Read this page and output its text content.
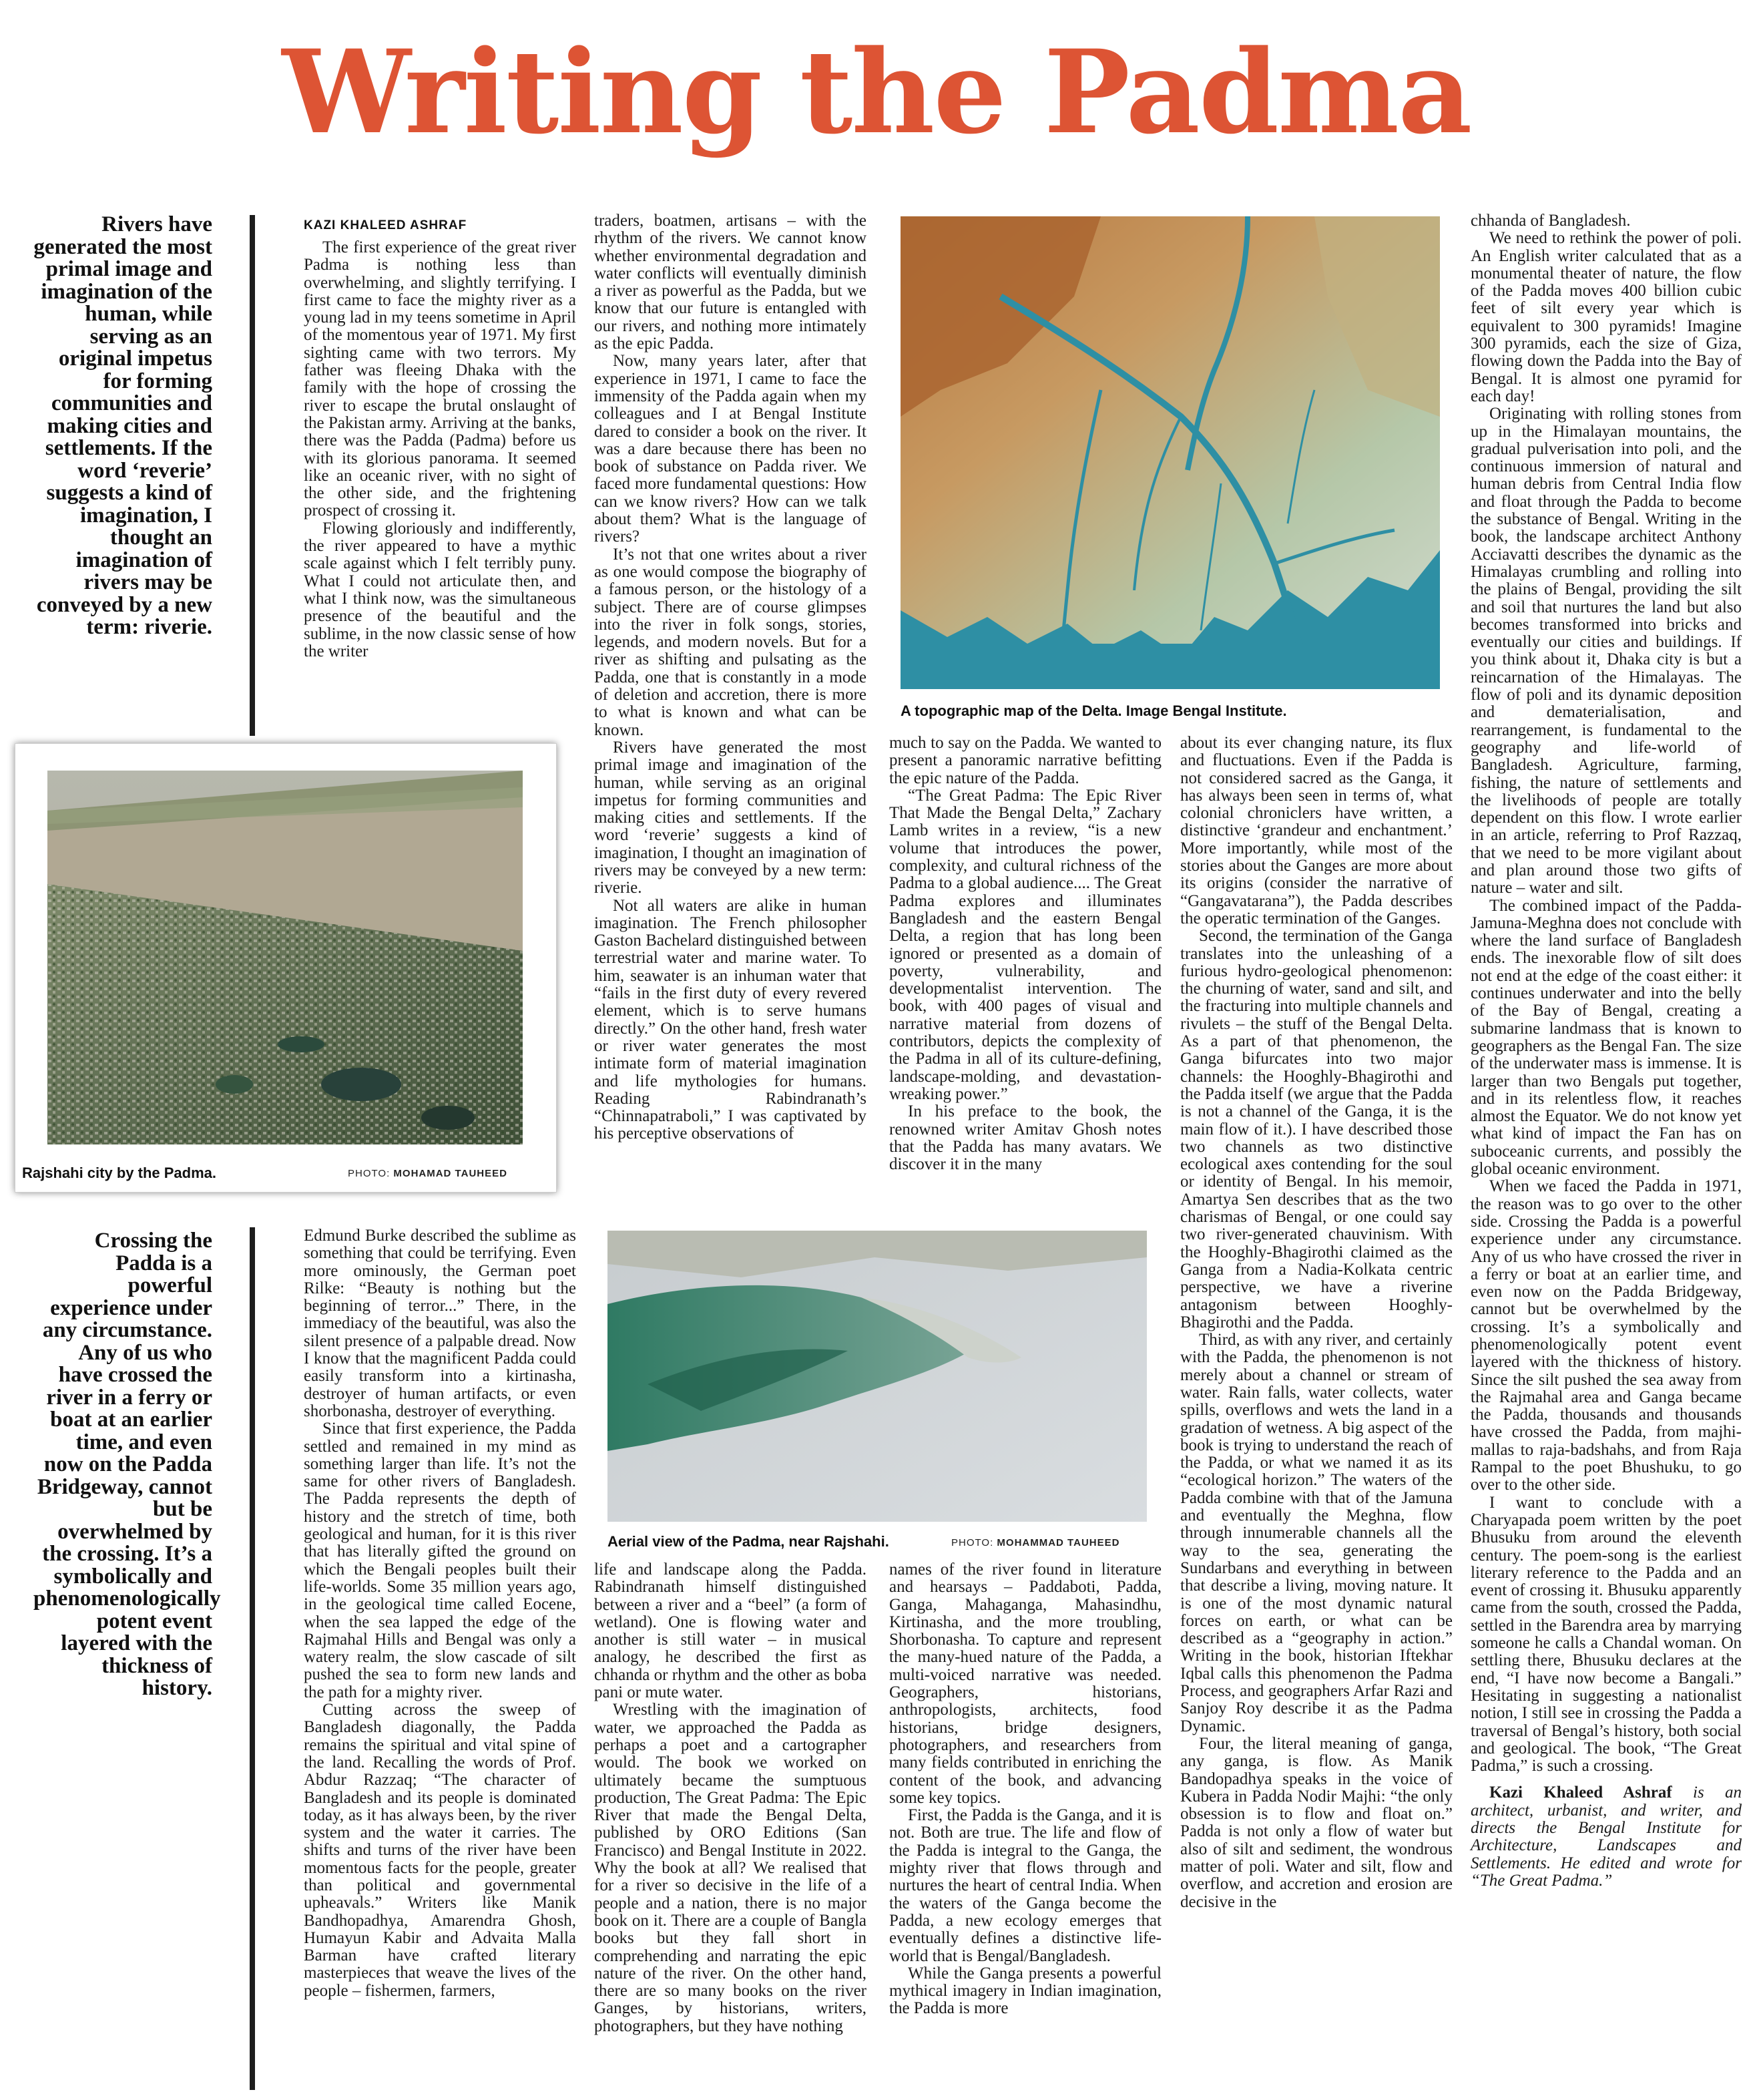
Writing the Padma
Rivers have generated the most primal image and imagination of the human, while serving as an original impetus for forming communities and making cities and settlements. If the word ‘reverie’ suggests a kind of imagination, I thought an imagination of rivers may be conveyed by a new term: riverie.
Crossing the Padda is a powerful experience under any circumstance. Any of us who have crossed the river in a ferry or boat at an earlier time, and even now on the Padda Bridgeway, cannot but be overwhelmed by the crossing. It’s a symbolically and phenomenologically potent event layered with the thickness of history.
KAZI KHALEED ASHRAF

The first experience of the great river Padma is nothing less than overwhelming, and slightly terrifying. I first came to face the mighty river as a young lad in my teens sometime in April of the momentous year of 1971. My first sighting came with two terrors. My father was fleeing Dhaka with the family with the hope of crossing the river to escape the brutal onslaught of the Pakistan army. Arriving at the banks, there was the Padda (Padma) before us with its glorious panorama. It seemed like an oceanic river, with no sight of the other side, and the frightening prospect of crossing it.

Flowing gloriously and indifferently, the river appeared to have a mythic scale against which I felt terribly puny. What I could not articulate then, and what I think now, was the simultaneous presence of the beautiful and the sublime, in the now classic sense of how the writer

traders, boatmen, artisans – with the rhythm of the rivers. We cannot know whether environmental degradation and water conflicts will eventually diminish a river as powerful as the Padda, but we know that our future is entangled with our rivers, and nothing more intimately as the epic Padda.

Now, many years later, after that experience in 1971, I came to face the immensity of the Padda again when my colleagues and I at Bengal Institute dared to consider a book on the river. It was a dare because there has been no book of substance on Padda river. We faced more fundamental questions: How can we know rivers? How can we talk about them? What is the language of rivers?

It’s not that one writes about a river as one would compose the biography of a famous person, or the histology of a subject. There are of course glimpses into the river in folk songs, stories, legends, and modern novels. But for a river as shifting and pulsating as the Padda, one that is constantly in a mode of deletion and accretion, there is more to what is known and what can be known.

Rivers have generated the most primal image and imagination of the human, while serving as an original impetus for forming communities and making cities and settlements. If the word ‘reverie’ suggests a kind of imagination, I thought an imagination of rivers may be conveyed by a new term: riverie.

Not all waters are alike in human imagination. The French philosopher Gaston Bachelard distinguished between terrestrial water and marine water. To him, seawater is an inhuman water that “fails in the first duty of every revered element, which is to serve humans directly.” On the other hand, fresh water or river water generates the most intimate form of material imagination and life mythologies for humans. Reading Rabindranath’s “Chinnapatraboli,” I was captivated by his perceptive observations of

Rajshahi city by the Padma.	PHOTO: MOHAMAD TAUHEED
A topographic map of the Delta. Image Bengal Institute.

chhanda of Bangladesh.

We need to rethink the power of poli. An English writer calculated that as a monumental theater of nature, the flow of the Padda moves 400 billion cubic feet of silt every year which is equivalent to 300 pyramids! Imagine 300 pyramids, each the size of Giza, flowing down the Padda into the Bay of Bengal. It is almost one pyramid for each day!

Originating with rolling stones from up in the Himalayan mountains, the gradual pulverisation into poli, and the continuous immersion of natural and human debris from Central India flow and float through the Padda to become the substance of Bengal. Writing in the book, the landscape architect Anthony Acciavatti describes the dynamic as the Himalayas crumbling and rolling into the plains of Bengal, providing the silt and soil that nurtures the land but also becomes transformed into bricks and eventually our cities and buildings. If you think about it, Dhaka city is but a reincarnation of the Himalayas. The flow of poli and its dynamic deposition and dematerialisation, and rearrangement, is fundamental to the geography and life-world of Bangladesh. Agriculture, farming, fishing, the nature of settlements and the livelihoods of people are totally dependent on this flow. I wrote earlier in an article, referring to Prof Razzaq, that we need to be more vigilant about and plan around those two gifts of nature – water and silt.

The combined impact of the Padda-Jamuna-Meghna does not conclude with where the land surface of Bangladesh ends. The inexorable flow of silt does not end at the edge of the coast either: it continues underwater and into the belly of the Bay of Bengal, creating a submarine landmass that is known to geographers as the Bengal Fan. The size of the underwater mass is immense. It is larger than two Bengals put together, and in its relentless flow, it reaches almost the Equator. We do not know yet what kind of impact the Fan has on suboceanic currents, and possibly the global oceanic environment.

When we faced the Padda in 1971, the reason was to go over to the other side. Crossing the Padda is a powerful experience under any circumstance. Any of us who have crossed the river in a ferry or boat at an earlier time, and even now on the Padda Bridgeway, cannot but be overwhelmed by the crossing. It’s a symbolically and phenomenologically potent event layered with the thickness of history. Since the silt pushed the sea away from the Rajmahal area and Ganga became the Padda, thousands and thousands have crossed the Padda, from majhi-mallas to raja-badshahs, and from Raja Rampal to the poet Bhushuku, to go over to the other side.

I want to conclude with a Charyapada poem written by the poet Bhusuku from around the eleventh century. The poem-song is the earliest literary reference to the Padda and an event of crossing it. Bhusuku apparently came from the south, crossed the Padda, settled in the Barendra area by marrying someone he calls a Chandal woman. On settling there, Bhusuku declares at the end, “I have now become a Bangali.” Hesitating in suggesting a nationalist notion, I still see in crossing the Padda a traversal of Bengal’s history, both social and geological. The book, “The Great Padma,” is such a crossing.

Kazi Khaleed Ashraf is an architect, urbanist, and writer, and directs the Bengal Institute for Architecture, Landscapes and Settlements. He edited and wrote for “The Great Padma.”

much to say on the Padda. We wanted to present a panoramic narrative befitting the epic nature of the Padda.

“The Great Padma: The Epic River That Made the Bengal Delta,” Zachary Lamb writes in a review, “is a new volume that introduces the power, complexity, and cultural richness of the Padma to a global audience.... The Great Padma explores and illuminates Bangladesh and the eastern Bengal Delta, a region that has long been ignored or presented as a domain of poverty, vulnerability, and developmentalist intervention. The book, with 400 pages of visual and narrative material from dozens of contributors, depicts the complexity of the Padma in all of its culture-defining, landscape-molding, and devastation-wreaking power.”

In his preface to the book, the renowned writer Amitav Ghosh notes that the Padda has many avatars. We discover it in the many

about its ever changing nature, its flux and fluctuations. Even if the Padda is not considered sacred as the Ganga, it has always been seen in terms of, what colonial chroniclers have written, a distinctive ‘grandeur and enchantment.’ More importantly, while most of the stories about the Ganges are more about its origins (consider the narrative of “Gangavatarana”), the Padda describes the operatic termination of the Ganges.

Second, the termination of the Ganga translates into the unleashing of a furious hydro-geological phenomenon: the churning of water, sand and silt, and the fracturing into multiple channels and rivulets – the stuff of the Bengal Delta. As a part of that phenomenon, the Ganga bifurcates into two major channels: the Hooghly-Bhagirothi and the Padda itself (we argue that the Padda is not a channel of the Ganga, it is the main flow of it.). I have described those two channels as two distinctive ecological axes contending for the soul or identity of Bengal. In his memoir, Amartya Sen describes that as the two charismas of Bengal, or one could say two river-generated chauvinism. With the Hooghly-Bhagirothi claimed as the Ganga from a Nadia-Kolkata centric perspective, we have a riverine antagonism between Hooghly-Bhagirothi and the Padda.

Third, as with any river, and certainly with the Padda, the phenomenon is not merely about a channel or stream of water. Rain falls, water collects, water spills, overflows and wets the land in a gradation of wetness. A big aspect of the book is trying to understand the reach of the Padda, or what we named it as its “ecological horizon.” The waters of the Padda combine with that of the Jamuna and eventually the Meghna, flow through innumerable channels all the way to the sea, generating the Sundarbans and everything in between that describe a living, moving nature. It is one of the most dynamic natural forces on earth, or what can be described as a “geography in action.” Writing in the book, historian Iftekhar Iqbal calls this phenomenon the Padma Process, and geographers Arfar Razi and Sanjoy Roy describe it as the Padma Dynamic.

Four, the literal meaning of ganga, any ganga, is flow. As Manik Bandopadhya speaks in the voice of Kubera in Padda Nodir Majhi: “the only obsession is to flow and float on.” Padda is not only a flow of water but also of silt and sediment, the wondrous matter of poli. Water and silt, flow and overflow, and accretion and erosion are decisive in the

Aerial view of the Padma, near Rajshahi.	PHOTO: MOHAMMAD TAUHEED

Edmund Burke described the sublime as something that could be terrifying. Even more ominously, the German poet Rilke: “Beauty is nothing but the beginning of terror...” There, in the immediacy of the beautiful, was also the silent presence of a palpable dread. Now I know that the magnificent Padda could easily transform into a kirtinasha, destroyer of human artifacts, or even shorbonasha, destroyer of everything.

Since that first experience, the Padda settled and remained in my mind as something larger than life. It’s not the same for other rivers of Bangladesh. The Padda represents the depth of history and the stretch of time, both geological and human, for it is this river that has literally gifted the ground on which the Bengali peoples built their life-worlds. Some 35 million years ago, in the geological time called Eocene, when the sea lapped the edge of the Rajmahal Hills and Bengal was only a watery realm, the slow cascade of silt pushed the sea to form new lands and the path for a mighty river.

Cutting across the sweep of Bangladesh diagonally, the Padda remains the spiritual and vital spine of the land. Recalling the words of Prof. Abdur Razzaq; “The character of Bangladesh and its people is dominated today, as it has always been, by the river system and the water it carries. The shifts and turns of the river have been momentous facts for the people, greater than political and governmental upheavals.” Writers like Manik Bandhopadhya, Amarendra Ghosh, Humayun Kabir and Advaita Malla Barman have crafted literary masterpieces that weave the lives of the people – fishermen, farmers,

life and landscape along the Padda. Rabindranath himself distinguished between a river and a “beel” (a form of wetland). One is flowing water and another is still water – in musical analogy, he described the first as chhanda or rhythm and the other as boba pani or mute water.

Wrestling with the imagination of water, we approached the Padda as perhaps a poet and a cartographer would. The book we worked on ultimately became the sumptuous production, The Great Padma: The Epic River that made the Bengal Delta, published by ORO Editions (San Francisco) and Bengal Institute in 2022. Why the book at all? We realised that for a river so decisive in the life of a people and a nation, there is no major book on it. There are a couple of Bangla books but they fall short in comprehending and narrating the epic nature of the river. On the other hand, there are so many books on the river Ganges, by historians, writers, photographers, but they have nothing

names of the river found in literature and hearsays – Paddaboti, Padda, Ganga, Mahaganga, Mahasindhu, Kirtinasha, and the more troubling, Shorbonasha. To capture and represent the many-hued nature of the Padda, a multi-voiced narrative was needed. Geographers, historians, anthropologists, architects, food historians, bridge designers, photographers, and researchers from many fields contributed in enriching the content of the book, and advancing some key topics.

First, the Padda is the Ganga, and it is not. Both are true. The life and flow of the Padda is integral to the Ganga, the mighty river that flows through and nurtures the heart of central India. When the waters of the Ganga become the Padda, a new ecology emerges that eventually defines a distinctive life-world that is Bengal/Bangladesh.

While the Ganga presents a powerful mythical imagery in Indian imagination, the Padda is more
